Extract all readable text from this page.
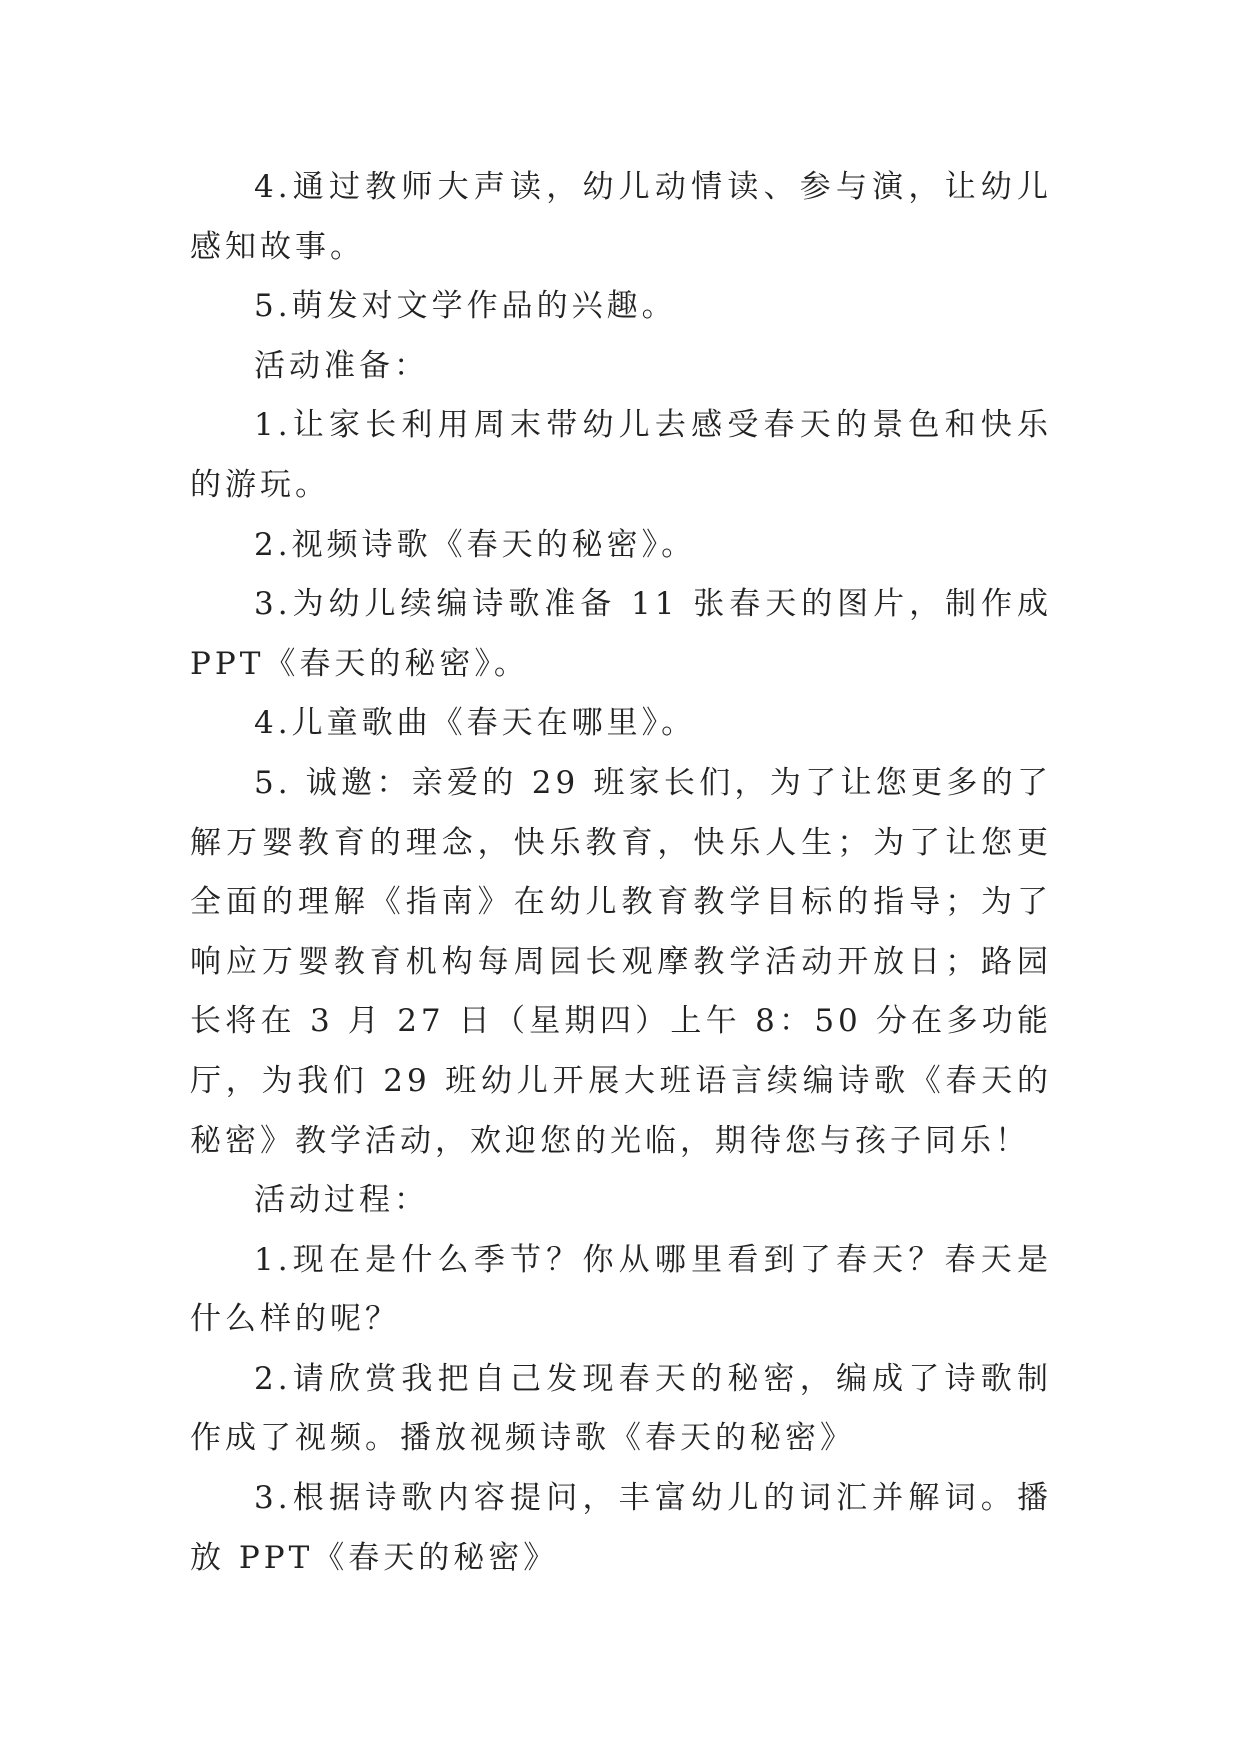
4.通过教师大声读，幼儿动情读、参与演，让幼儿感知故事。

5.萌发对文学作品的兴趣。

活动准备：

1.让家长利用周末带幼儿去感受春天的景色和快乐的游玩。

2.视频诗歌《春天的秘密》。

3.为幼儿续编诗歌准备 11 张春天的图片，制作成 PPT《春天的秘密》。

4.儿童歌曲《春天在哪里》。

5. 诚邀：亲爱的 29 班家长们，为了让您更多的了解万婴教育的理念，快乐教育，快乐人生；为了让您更全面的理解《指南》在幼儿教育教学目标的指导；为了响应万婴教育机构每周园长观摩教学活动开放日；路园长将在 3 月 27 日（星期四）上午 8：50 分在多功能厅，为我们 29 班幼儿开展大班语言续编诗歌《春天的秘密》教学活动，欢迎您的光临，期待您与孩子同乐！

活动过程：

1.现在是什么季节？你从哪里看到了春天？春天是什么样的呢？

2.请欣赏我把自己发现春天的秘密，编成了诗歌制作成了视频。播放视频诗歌《春天的秘密》

3.根据诗歌内容提问，丰富幼儿的词汇并解词。播放 PPT《春天的秘密》
